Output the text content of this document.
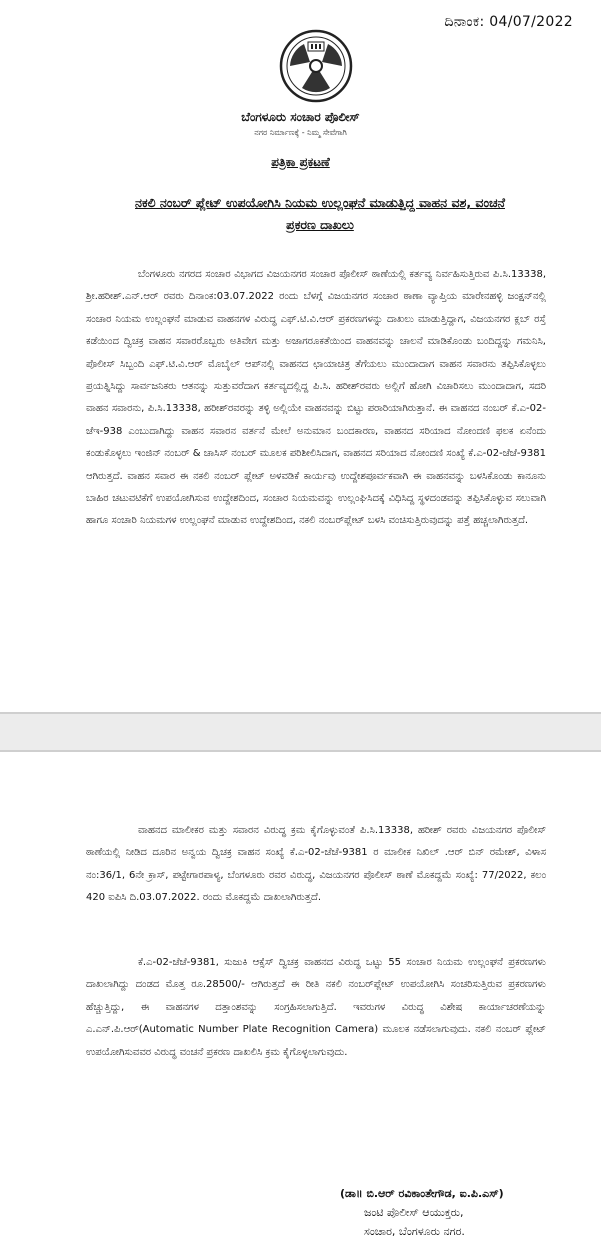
ದಿನಾಂಕ: 04/07/2022
ಬೆಂಗಳೂರು ಸಂಚಾರ ಪೊಲೀಸ್
ನಗರ ನಿರ್ಮಾಣಕ್ಕೆ - ನಿಮ್ಮ ಸೇವೆಗಾಗಿ
ಪತ್ರಿಕಾ ಪ್ರಕಟಣೆ
ನಕಲಿ ನಂಬರ್ ಪ್ಲೇಟ್ ಉಪಯೋಗಿಸಿ ನಿಯಮ ಉಲ್ಲಂಘನೆ ಮಾಡುತ್ತಿದ್ದ ವಾಹನ ವಶ, ವಂಚನೆ ಪ್ರಕರಣ ದಾಖಲು

ಬೆಂಗಳೂರು ನಗರದ ಸಂಚಾರ ವಿಭಾಗದ ವಿಜಯನಗರ ಸಂಚಾರ ಪೊಲೀಸ್ ಠಾಣೆಯಲ್ಲಿ ಕರ್ತವ್ಯ ನಿರ್ವಹಿಸುತ್ತಿರುವ ಪಿ.ಸಿ.13338, ಶ್ರೀ.ಹರೀಶ್.ಎನ್.ಆರ್ ರವರು ದಿನಾಂಕ:03.07.2022 ರಂದು ಬೆಳಗ್ಗೆ ವಿಜಯನಗರ ಸಂಚಾರ ಠಾಣಾ ವ್ಯಾಪ್ತಿಯ ಮಾರೇನಹಳ್ಳಿ ಜಂಕ್ಷನ್‌ನಲ್ಲಿ ಸಂಚಾರ ನಿಯಮ ಉಲ್ಲಂಘನೆ ಮಾಡುವ ವಾಹನಗಳ ವಿರುದ್ಧ ಎಫ್.ಟಿ.ವಿ.ಆರ್ ಪ್ರಕರಣಗಳನ್ನು ದಾಖಲು ಮಾಡುತ್ತಿದ್ದಾಗ, ವಿಜಯನಗರ ಕ್ಲಬ್ ರಸ್ತೆ ಕಡೆಯಿಂದ ದ್ವಿಚಕ್ರ ವಾಹನ ಸವಾರರೊಬ್ಬರು ಅತಿವೇಗ ಮತ್ತು ಅಜಾಗರೂಕತೆಯಿಂದ ವಾಹನವನ್ನು ಚಾಲನೆ ಮಾಡಿಕೊಂಡು ಬಂದಿದ್ದನ್ನು ಗಮನಿಸಿ, ಪೊಲೀಸ್ ಸಿಬ್ಬಂದಿ ಎಫ್.ಟಿ.ವಿ.ಆರ್ ಮೊಬೈಲ್ ಆಪ್‌ನಲ್ಲಿ ವಾಹನದ ಛಾಯಾಚಿತ್ರ ತೆಗೆಯಲು ಮುಂದಾದಾಗ ವಾಹನ ಸವಾರನು ತಪ್ಪಿಸಿಕೊಳ್ಳಲು ಪ್ರಯತ್ನಿಸಿದ್ದು ಸಾರ್ವಜನಿಕರು ಆತನನ್ನು ಸುತ್ತುವರೆದಾಗ ಕರ್ತವ್ಯದಲ್ಲಿದ್ದ ಪಿ.ಸಿ. ಹರೀಶ್‌ರವರು ಅಲ್ಲಿಗೆ ಹೋಗಿ ವಿಚಾರಿಸಲು ಮುಂದಾದಾಗ, ಸದರಿ ವಾಹನ ಸವಾರನು, ಪಿ.ಸಿ.13338, ಹರೀಶ್‌ರವರನ್ನು ತಳ್ಳಿ ಅಲ್ಲಿಯೇ ವಾಹನವನ್ನು ಬಿಟ್ಟು ಪರಾರಿಯಾಗಿರುತ್ತಾನೆ. ಈ ವಾಹನದ ನಂಬರ್ ಕೆ.ಎ-02-ಜೆಇ-938 ಎಂಬುದಾಗಿದ್ದು ವಾಹನ ಸವಾರನ ವರ್ತನೆ ಮೇಲೆ ಅನುಮಾನ ಬಂದಕಾರಣ, ವಾಹನದ ಸರಿಯಾದ ನೋಂದಣಿ ಫಲಕ ಏನೆಂದು ಕಂಡುಕೊಳ್ಳಲು ಇಂಜಿನ್ ನಂಬರ್ & ಚಾಸಿಸ್ ನಂಬರ್ ಮೂಲಕ ಪರಿಶೀಲಿಸಿದಾಗ, ವಾಹನದ ಸರಿಯಾದ ನೋಂದಣಿ ಸಂಖ್ಯೆ ಕೆ.ಎ-02-ಜೆಜೆ-9381 ಆಗಿರುತ್ತದೆ. ವಾಹನ ಸವಾರ ಈ ನಕಲಿ ನಂಬರ್ ಪ್ಲೇಟ್ ಅಳವಡಿಕೆ ಕಾರ್ಯವು ಉದ್ದೇಶಪೂರ್ವಕವಾಗಿ ಈ ವಾಹನವನ್ನು ಬಳಸಿಕೊಂಡು ಕಾನೂನು ಬಾಹಿರ ಚಟುವಟಿಕೆಗೆ ಉಪಯೋಗಿಸುವ ಉದ್ದೇಶದಿಂದ, ಸಂಚಾರ ನಿಯಮವನ್ನು ಉಲ್ಲಂಘಿಸಿದಕ್ಕೆ ವಿಧಿಸಿದ್ದ ಸ್ಥಳದಂಡವನ್ನು ತಪ್ಪಿಸಿಕೊಳ್ಳುವ ಸಲುವಾಗಿ ಹಾಗೂ ಸಂಚಾರಿ ನಿಯಮಗಳ ಉಲ್ಲಂಘನೆ ಮಾಡುವ ಉದ್ದೇಶದಿಂದ, ನಕಲಿ ನಂಬರ್‌ಪ್ಲೇಟ್ ಬಳಸಿ ವಂಚಿಸುತ್ತಿರುವುದನ್ನು ಪತ್ತೆ ಹಚ್ಚಲಾಗಿರುತ್ತದೆ.

ವಾಹನದ ಮಾಲೀಕರ ಮತ್ತು ಸವಾರನ ವಿರುದ್ಧ ಕ್ರಮ ಕೈಗೊಳ್ಳುವಂತೆ ಪಿ.ಸಿ.13338, ಹರೀಶ್ ರವರು ವಿಜಯನಗರ ಪೊಲೀಸ್ ಠಾಣೆಯಲ್ಲಿ ನೀಡಿದ ದೂರಿನ ಅನ್ವಯ ದ್ವಿಚಕ್ರ ವಾಹನ ಸಂಖ್ಯೆ ಕೆ.ಎ-02-ಜೆಜೆ-9381 ರ ಮಾಲೀಕ ನಿಖಿಲ್ .ಆರ್ ಬಿನ್ ರಮೇಶ್, ವಿಳಾಸ ನಂ:36/1, 6ನೇ ಕ್ರಾಸ್, ಪಟ್ಟೇಗಾರಪಾಳ್ಯ, ಬೆಂಗಳೂರು ರವರ ವಿರುದ್ಧ, ವಿಜಯನಗರ ಪೊಲೀಸ್ ಠಾಣೆ ಮೊಕದ್ದಮೆ ಸಂಖ್ಯೆ: 77/2022, ಕಲಂ 420 ಐಪಿಸಿ ದಿ.03.07.2022. ರಂದು ಮೊಕದ್ದಮೆ ದಾಖಲಾಗಿರುತ್ತದೆ.

ಕೆ.ಎ-02-ಜೆಜೆ-9381, ಸುಜುಕಿ ಆಕ್ಸೆಸ್ ದ್ವಿಚಕ್ರ ವಾಹನದ ವಿರುದ್ಧ ಒಟ್ಟು 55 ಸಂಚಾರ ನಿಯಮ ಉಲ್ಲಂಘನೆ ಪ್ರಕರಣಗಳು ದಾಖಲಾಗಿದ್ದು ದಂಡದ ಮೊತ್ತ ರೂ.28500/- ಆಗಿರುತ್ತದೆ ಈ ರೀತಿ ನಕಲಿ ನಂಬರ್‌ಪ್ಲೇಟ್ ಉಪಯೋಗಿಸಿ ಸಂಚರಿಸುತ್ತಿರುವ ಪ್ರಕರಣಗಳು ಹೆಚ್ಚುತ್ತಿದ್ದು, ಈ ವಾಹನಗಳ ದತ್ತಾಂಶವನ್ನು ಸಂಗ್ರಹಿಸಲಾಗುತ್ತಿದೆ. ಇವರುಗಳ ವಿರುದ್ಧ ವಿಶೇಷ ಕಾರ್ಯಾಚರಣೆಯನ್ನು ಎ.ಎನ್.ಪಿ.ಆರ್(Automatic Number Plate Recognition Camera) ಮೂಲಕ ನಡೆಸಲಾಗುವುದು. ನಕಲಿ ನಂಬರ್ ಪ್ಲೇಟ್ ಉಪಯೋಗಿಸುವವರ ವಿರುದ್ಧ ವಂಚನೆ ಪ್ರಕರಣ ದಾಖಲಿಸಿ ಕ್ರಮ ಕೈಗೊಳ್ಳಲಾಗುವುದು.

(ಡಾ॥ ಬಿ.ಆರ್ ರವಿಕಾಂತೇಗೌಡ, ಐ.ಪಿ.ಎಸ್)
ಜಂಟಿ ಪೊಲೀಸ್ ಆಯುಕ್ತರು,
ಸಂಚಾರ, ಬೆಂಗಳೂರು ನಗರ.
